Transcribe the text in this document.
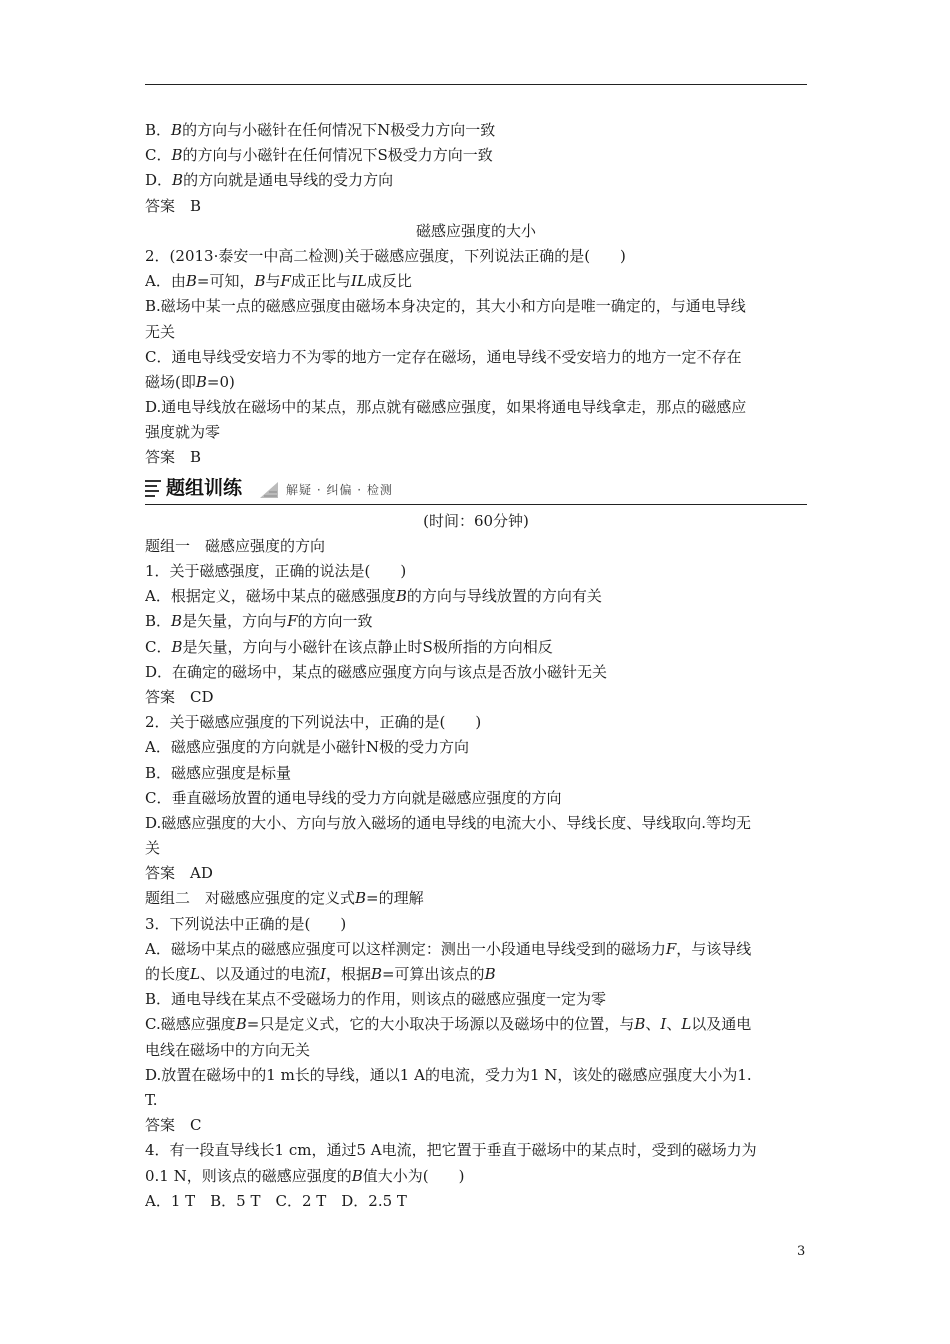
B．B的方向与小磁针在任何情况下N极受力方向一致
C．B的方向与小磁针在任何情况下S极受力方向一致
D．B的方向就是通电导线的受力方向
答案　B
磁感应强度的大小
2．(2013·泰安一中高二检测)关于磁感应强度，下列说法正确的是(　　)
A．由B=可知，B与F成正比与IL成反比
B.磁场中某一点的磁感应强度由磁场本身决定的，其大小和方向是唯一确定的，与通电导线
无关
C．通电导线受安培力不为零的地方一定存在磁场，通电导线不受安培力的地方一定不存在
磁场(即B=0)
D.通电导线放在磁场中的某点，那点就有磁感应强度，如果将通电导线拿走，那点的磁感应
强度就为零
答案　B
题组训练	解疑 · 纠偏 · 检测
(时间：60分钟)
题组一　磁感应强度的方向
1．关于磁感强度，正确的说法是(　　)
A．根据定义，磁场中某点的磁感强度B的方向与导线放置的方向有关
B．B是矢量，方向与F的方向一致
C．B是矢量，方向与小磁针在该点静止时S极所指的方向相反
D．在确定的磁场中，某点的磁感应强度方向与该点是否放小磁针无关
答案　CD
2．关于磁感应强度的下列说法中，正确的是(　　)
A．磁感应强度的方向就是小磁针N极的受力方向
B．磁感应强度是标量
C．垂直磁场放置的通电导线的受力方向就是磁感应强度的方向
D.磁感应强度的大小、方向与放入磁场的通电导线的电流大小、导线长度、导线取向.等均无
关
答案　AD
题组二　对磁感应强度的定义式B=的理解
3．下列说法中正确的是(　　)
A．磁场中某点的磁感应强度可以这样测定：测出一小段通电导线受到的磁场力F，与该导线
的长度L、以及通过的电流I，根据B=可算出该点的B
B．通电导线在某点不受磁场力的作用，则该点的磁感应强度一定为零
C.磁感应强度B=只是定义式，它的大小取决于场源以及磁场中的位置，与B、I、L以及通电
电线在磁场中的方向无关
D.放置在磁场中的1 m长的导线，通以1 A的电流，受力为1 N，该处的磁感应强度大小为1.
T.
答案　C
4．有一段直导线长1 cm，通过5 A电流，把它置于垂直于磁场中的某点时，受到的磁场力为
0.1 N，则该点的磁感应强度的B值大小为(　　)
A．1 T　B．5 T　C．2 T　D．2.5 T
3
